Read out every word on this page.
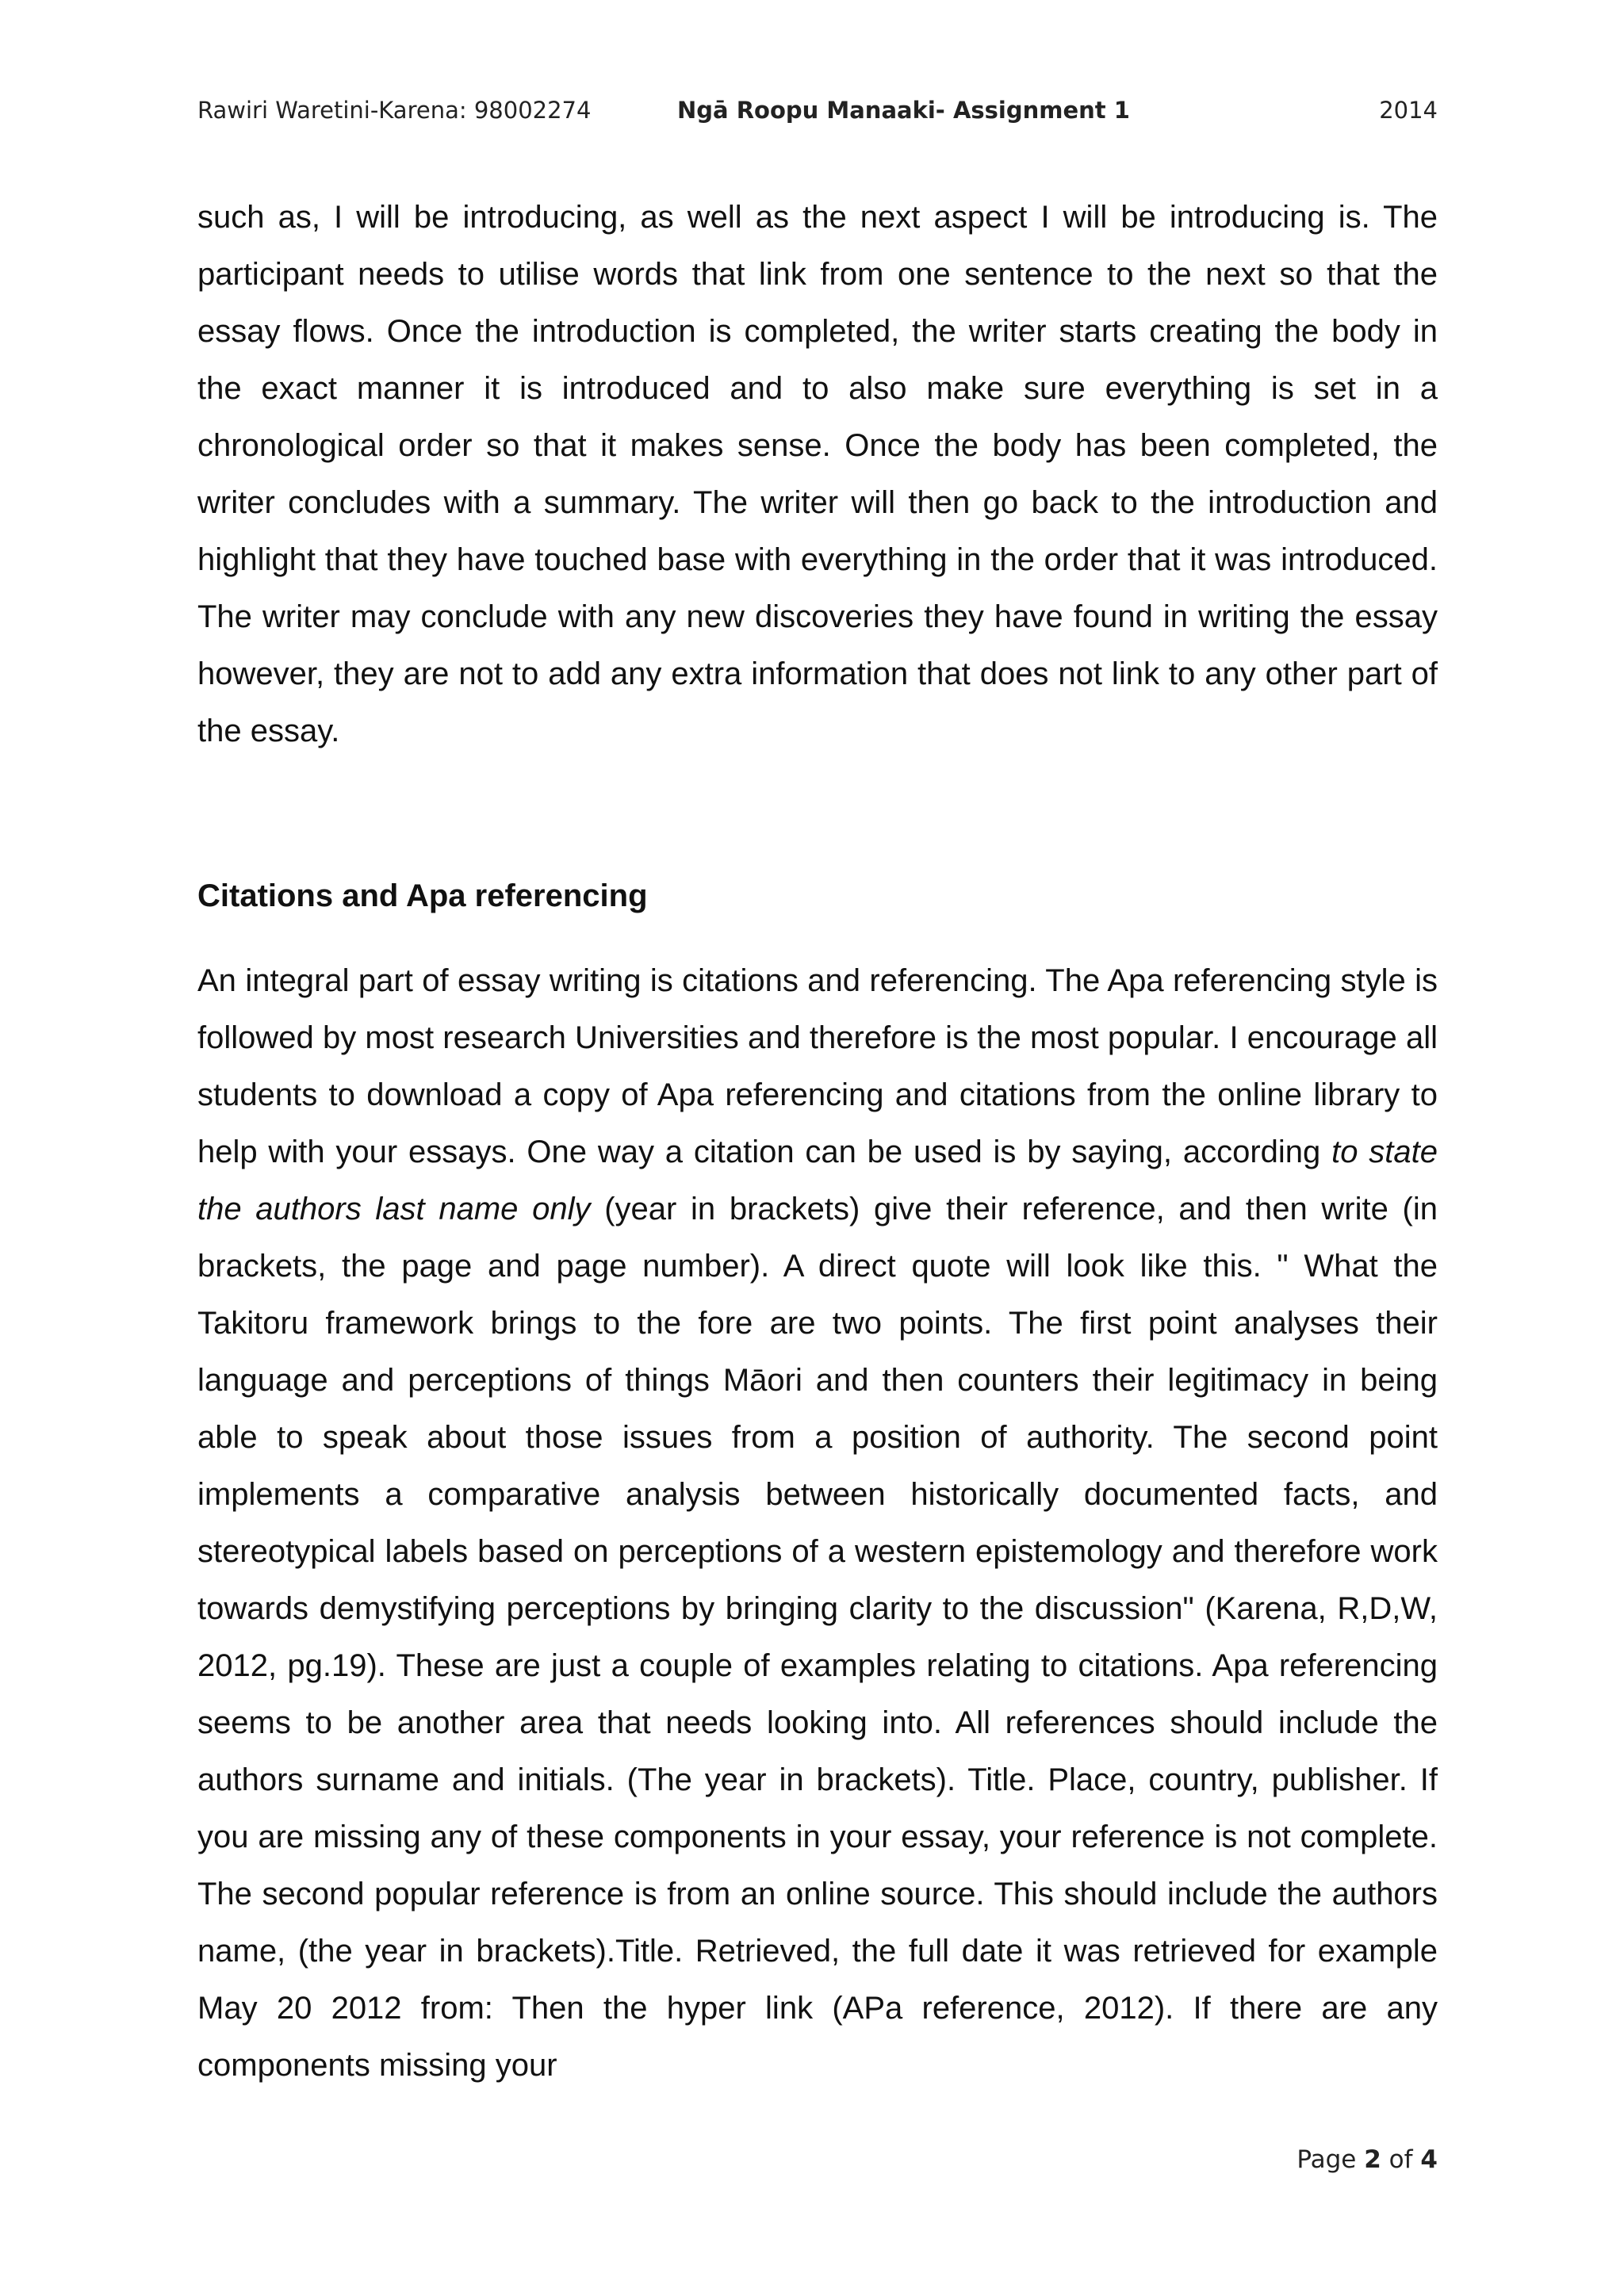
Rawiri Waretini-Karena: 98002274	Ngā Roopu Manaaki- Assignment 1	2014

such as, I will be introducing, as well as the next aspect I will be introducing is. The participant needs to utilise words that link from one sentence to the next so that the essay flows. Once the introduction is completed, the writer starts creating the body in the exact manner it is introduced and to also make sure everything is set in a chronological order so that it makes sense. Once the body has been completed, the writer concludes with a summary. The writer will then go back to the introduction and highlight that they have touched base with everything in the order that it was introduced. The writer may conclude with any new discoveries they have found in writing the essay however, they are not to add any extra information that does not link to any other part of the essay.

Citations and Apa referencing

An integral part of essay writing is citations and referencing. The Apa referencing style is followed by most research Universities and therefore is the most popular. I encourage all students to download a copy of Apa referencing and citations from the online library to help with your essays. One way a citation can be used is by saying, according to state the authors last name only (year in brackets) give their reference, and then write (in brackets, the page and page number). A direct quote will look like this. " What the Takitoru framework brings to the fore are two points. The first point analyses their language and perceptions of things Māori and then counters their legitimacy in being able to speak about those issues from a position of authority. The second point implements a comparative analysis between historically documented facts, and stereotypical labels based on perceptions of a western epistemology and therefore work towards demystifying perceptions by bringing clarity to the discussion" (Karena, R,D,W, 2012, pg.19). These are just a couple of examples relating to citations. Apa referencing seems to be another area that needs looking into. All references should include the authors surname and initials. (The year in brackets). Title. Place, country, publisher. If you are missing any of these components in your essay, your reference is not complete. The second popular reference is from an online source. This should include the authors name, (the year in brackets).Title. Retrieved, the full date it was retrieved for example May 20 2012 from: Then the hyper link (APa reference, 2012). If there are any components missing your

Page 2 of 4
